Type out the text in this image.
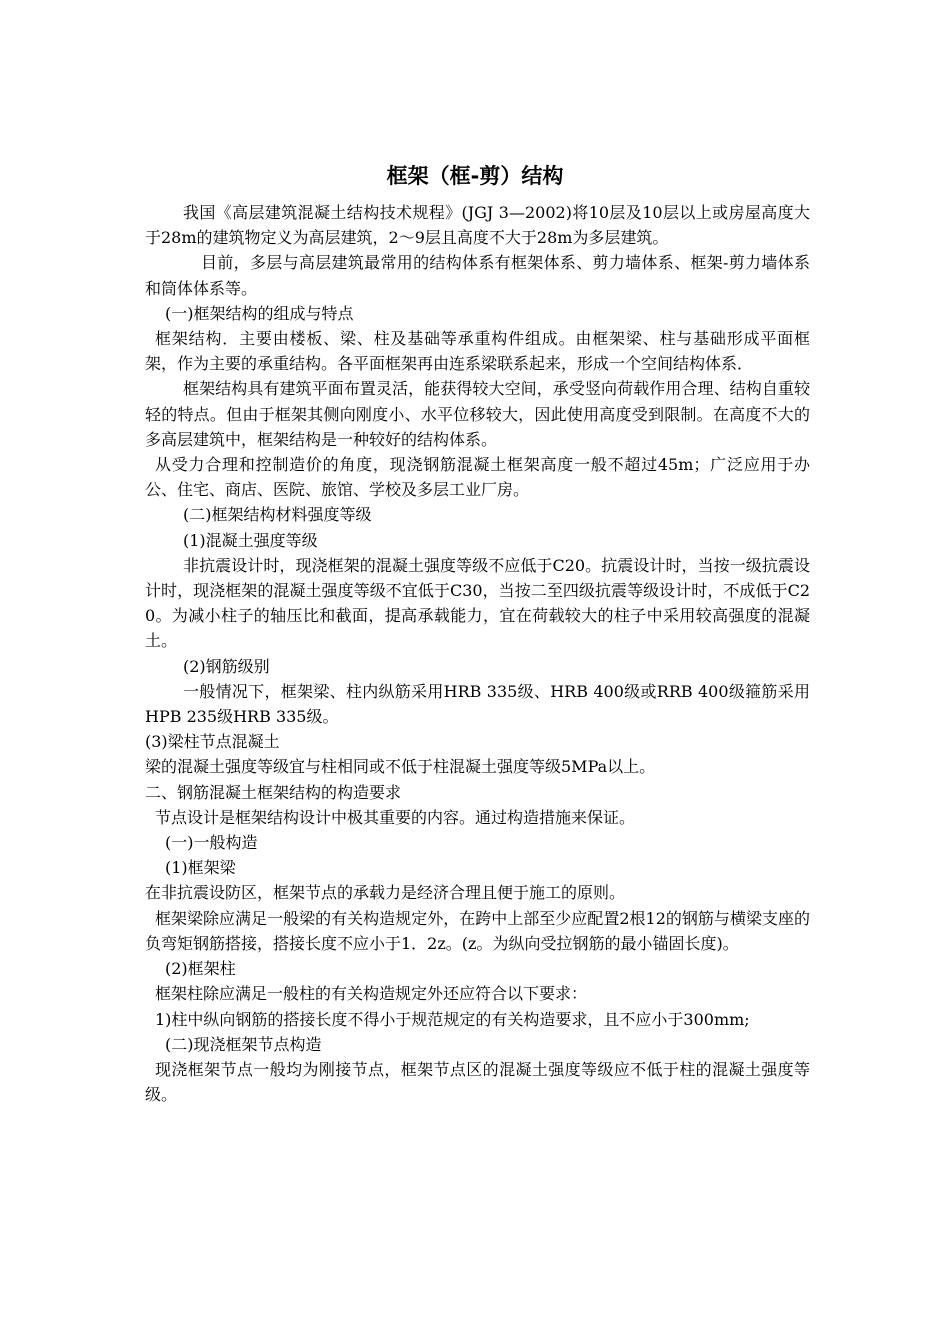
框架（框-剪）结构

我国《高层建筑混凝土结构技术规程》(JGJ 3—2002)将10层及10层以上或房屋高度大于28m的建筑物定义为高层建筑，2～9层且高度不大于28m为多层建筑。

目前，多层与高层建筑最常用的结构体系有框架体系、剪力墙体系、框架-剪力墙体系和筒体体系等。

(一)框架结构的组成与特点

框架结构．主要由楼板、梁、柱及基础等承重构件组成。由框架梁、柱与基础形成平面框架，作为主要的承重结构。各平面框架再由连系梁联系起来，形成一个空间结构体系．

框架结构具有建筑平面布置灵活，能获得较大空间，承受竖向荷载作用合理、结构自重较轻的特点。但由于框架其侧向刚度小、水平位移较大，因此使用高度受到限制。在高度不大的多高层建筑中，框架结构是一种较好的结构体系。

从受力合理和控制造价的角度，现浇钢筋混凝土框架高度一般不超过45m；广泛应用于办公、住宅、商店、医院、旅馆、学校及多层工业厂房。

(二)框架结构材料强度等级

(1)混凝土强度等级

非抗震设计时，现浇框架的混凝土强度等级不应低于C20。抗震设计时，当按一级抗震设计时，现浇框架的混凝土强度等级不宜低于C30，当按二至四级抗震等级设计时，不成低于C20。为减小柱子的轴压比和截面，提高承载能力，宜在荷载较大的柱子中采用较高强度的混凝土。

(2)钢筋级别

一般情况下，框架梁、柱内纵筋采用HRB 335级、HRB 400级或RRB 400级箍筋采用HPB 235级HRB 335级。

(3)梁柱节点混凝土

梁的混凝土强度等级宜与柱相同或不低于柱混凝土强度等级5MPa以上。

二、钢筋混凝土框架结构的构造要求

节点设计是框架结构设计中极其重要的内容。通过构造措施来保证。

(一)一般构造

(1)框架梁

在非抗震设防区，框架节点的承载力是经济合理且便于施工的原则。

框架梁除应满足一般梁的有关构造规定外，在跨中上部至少应配置2根12的钢筋与横梁支座的负弯矩钢筋搭接，搭接长度不应小于1．2z。(z。为纵向受拉钢筋的最小锚固长度)。

(2)框架柱

框架柱除应满足一般柱的有关构造规定外还应符合以下要求：

1)柱中纵向钢筋的搭接长度不得小于规范规定的有关构造要求，且不应小于300mm;

(二)现浇框架节点构造

现浇框架节点一般均为刚接节点，框架节点区的混凝土强度等级应不低于柱的混凝土强度等级。
